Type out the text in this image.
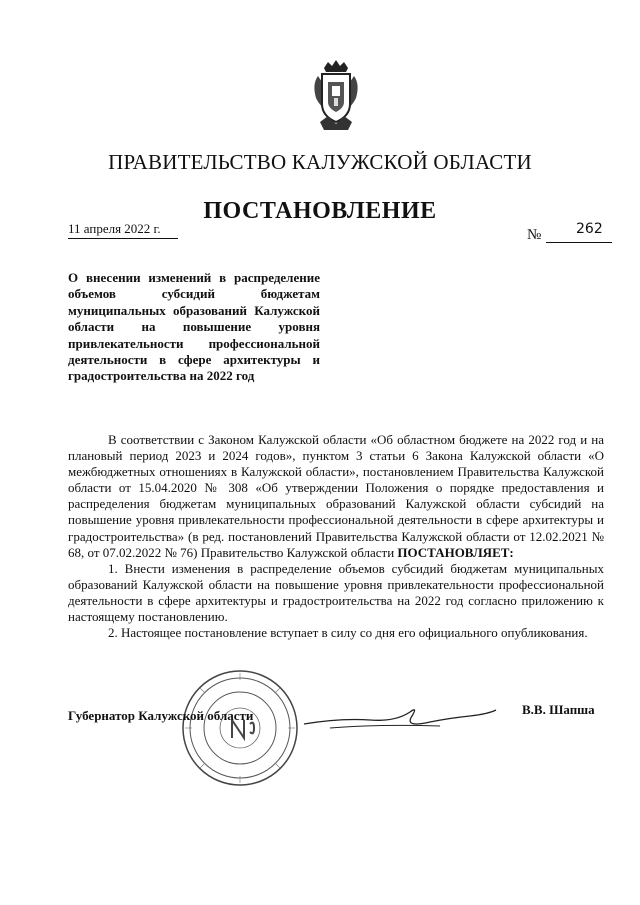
ПРАВИТЕЛЬСТВО КАЛУЖСКОЙ ОБЛАСТИ
ПОСТАНОВЛЕНИЕ
11 апреля 2022 г.	№ 262
О внесении изменений в распределение объемов субсидий бюджетам муниципальных образований Калужской области на повышение уровня привлекательности профессиональной деятельности в сфере архитектуры и градостроительства на 2022 год

В соответствии с Законом Калужской области «Об областном бюджете на 2022 год и на плановый период 2023 и 2024 годов», пунктом 3 статьи 6 Закона Калужской области «О межбюджетных отношениях в Калужской области», постановлением Правительства Калужской области от 15.04.2020 № 308 «Об утверждении Положения о порядке предоставления и распределения бюджетам муниципальных образований Калужской области субсидий на повышение уровня привлекательности профессиональной деятельности в сфере архитектуры и градостроительства» (в ред. постановлений Правительства Калужской области от 12.02.2021 № 68, от 07.02.2022 № 76) Правительство Калужской области ПОСТАНОВЛЯЕТ:

1. Внести изменения в распределение объемов субсидий бюджетам муниципальных образований Калужской области на повышение уровня привлекательности профессиональной деятельности в сфере архитектуры и градостроительства на 2022 год согласно приложению к настоящему постановлению.

2. Настоящее постановление вступает в силу со дня его официального опубликования.

Губернатор Калужской области	В.В. Шапша
